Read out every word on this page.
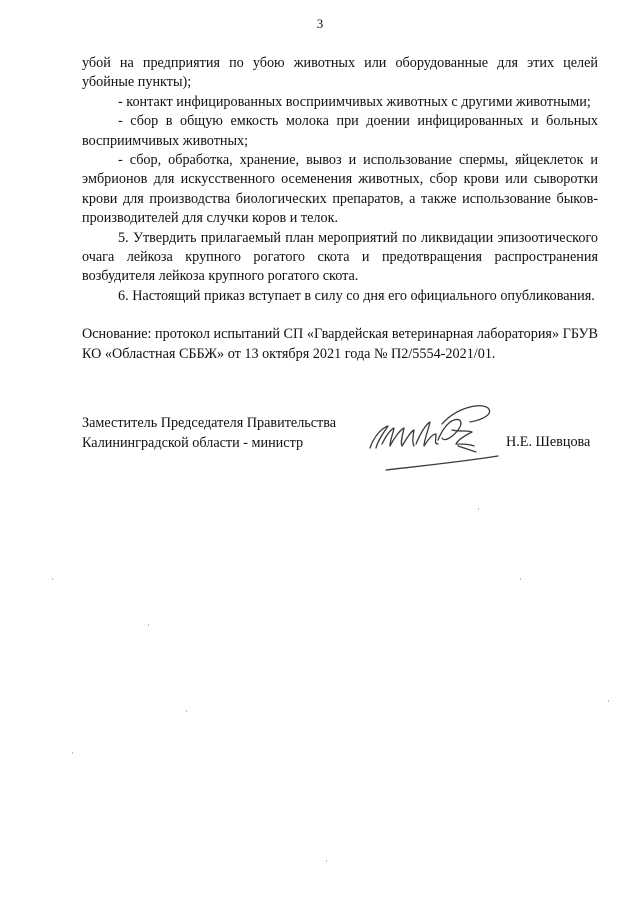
3

убой на предприятия по убою животных или оборудованные для этих целей убойные пункты);

- контакт инфицированных восприимчивых животных с другими животными;

- сбор в общую емкость молока при доении инфицированных и больных восприимчивых животных;

- сбор, обработка, хранение, вывоз и использование спермы, яйцеклеток и эмбрионов для искусственного осеменения животных, сбор крови или сыворотки крови для производства биологических препаратов, а также использование быков-производителей для случки коров и телок.

5. Утвердить прилагаемый план мероприятий по ликвидации эпизоотического очага лейкоза крупного рогатого скота и предотвращения распространения возбудителя лейкоза крупного рогатого скота.

6. Настоящий приказ вступает в силу со дня его официального опубликования.

Основание: протокол испытаний СП «Гвардейская ветеринарная лаборатория» ГБУВ КО «Областная СББЖ» от 13 октября 2021 года № П2/5554-2021/01.

Заместитель Председателя Правительства
Калининградской области - министр	Н.Е. Шевцова
